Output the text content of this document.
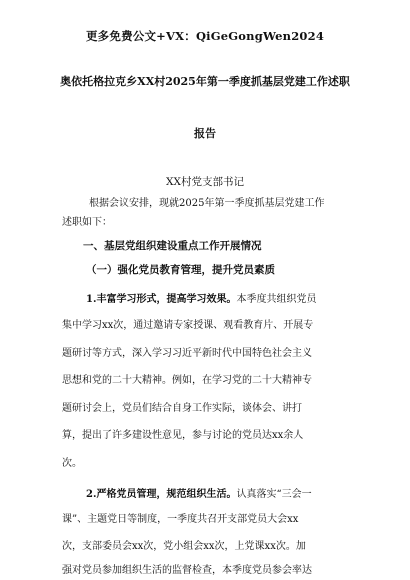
更多免费公文+VX：QiGeGongWen2024
奥依托格拉克乡XX村2025年第一季度抓基层党建工作述职
报告
XX村党支部书记
根据会议安排，现就2025年第一季度抓基层党建工作
述职如下：
一、基层党组织建设重点工作开展情况
（一）强化党员教育管理，提升党员素质
1.丰富学习形式，提高学习效果。本季度共组织党员
集中学习xx次，通过邀请专家授课、观看教育片、开展专
题研讨等方式，深入学习习近平新时代中国特色社会主义
思想和党的二十大精神。例如，在学习党的二十大精神专
题研讨会上，党员们结合自身工作实际，谈体会、讲打
算，提出了许多建设性意见，参与讨论的党员达xx余人
次。
2.严格党员管理，规范组织生活。认真落实“三会一
课”、主题党日等制度，一季度共召开支部党员大会xx
次，支部委员会xx次，党小组会xx次，上党课xx次。加
强对党员参加组织生活的监督检查，本季度党员参会率达
